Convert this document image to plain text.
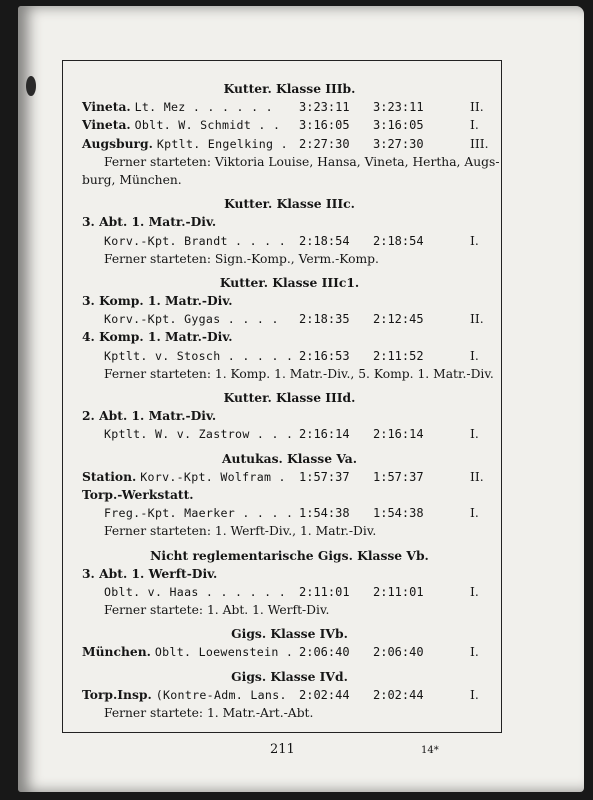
Kutter. Klasse IIIb.
Vineta. Lt. Mez . . . . . . 3:23:11 3:23:11	II.
Vineta. Oblt. W. Schmidt . . 3:16:05 3:16:05	I.
Augsburg. Kptlt. Engelking . 2:27:30 3:27:30	III.
Ferner starteten: Viktoria Louise, Hansa, Vineta, Hertha, Augs-
burg, München.
Kutter. Klasse IIIc.
3. Abt. 1. Matr.-Div.
Korv.-Kpt. Brandt . . . . 2:18:54 2:18:54	I.
Ferner starteten: Sign.-Komp., Verm.-Komp.
Kutter. Klasse IIIc1.
3. Komp. 1. Matr.-Div.
Korv.-Kpt. Gygas . . . . 2:18:35 2:12:45	II.
4. Komp. 1. Matr.-Div.
Kptlt. v. Stosch . . . . . 2:16:53 2:11:52	I.
Ferner starteten: 1. Komp. 1. Matr.-Div., 5. Komp. 1. Matr.-Div.
Kutter. Klasse IIId.
2. Abt. 1. Matr.-Div.
Kptlt. W. v. Zastrow . . . 2:16:14 2:16:14	I.
Autukas. Klasse Va.
Station. Korv.-Kpt. Wolfram . 1:57:37 1:57:37	II.
Torp.-Werkstatt.
Freg.-Kpt. Maerker . . . . 1:54:38 1:54:38	I.
Ferner starteten: 1. Werft-Div., 1. Matr.-Div.
Nicht reglementarische Gigs. Klasse Vb.
3. Abt. 1. Werft-Div.
Oblt. v. Haas . . . . . . 2:11:01 2:11:01	I.
Ferner startete: 1. Abt. 1. Werft-Div.
Gigs. Klasse IVb.
München. Oblt. Loewenstein . 2:06:40 2:06:40	I.
Gigs. Klasse IVd.
Torp.Insp. (Kontre-Adm. Lans. 2:02:44 2:02:44	I.
Ferner startete: 1. Matr.-Art.-Abt.
211	14*
